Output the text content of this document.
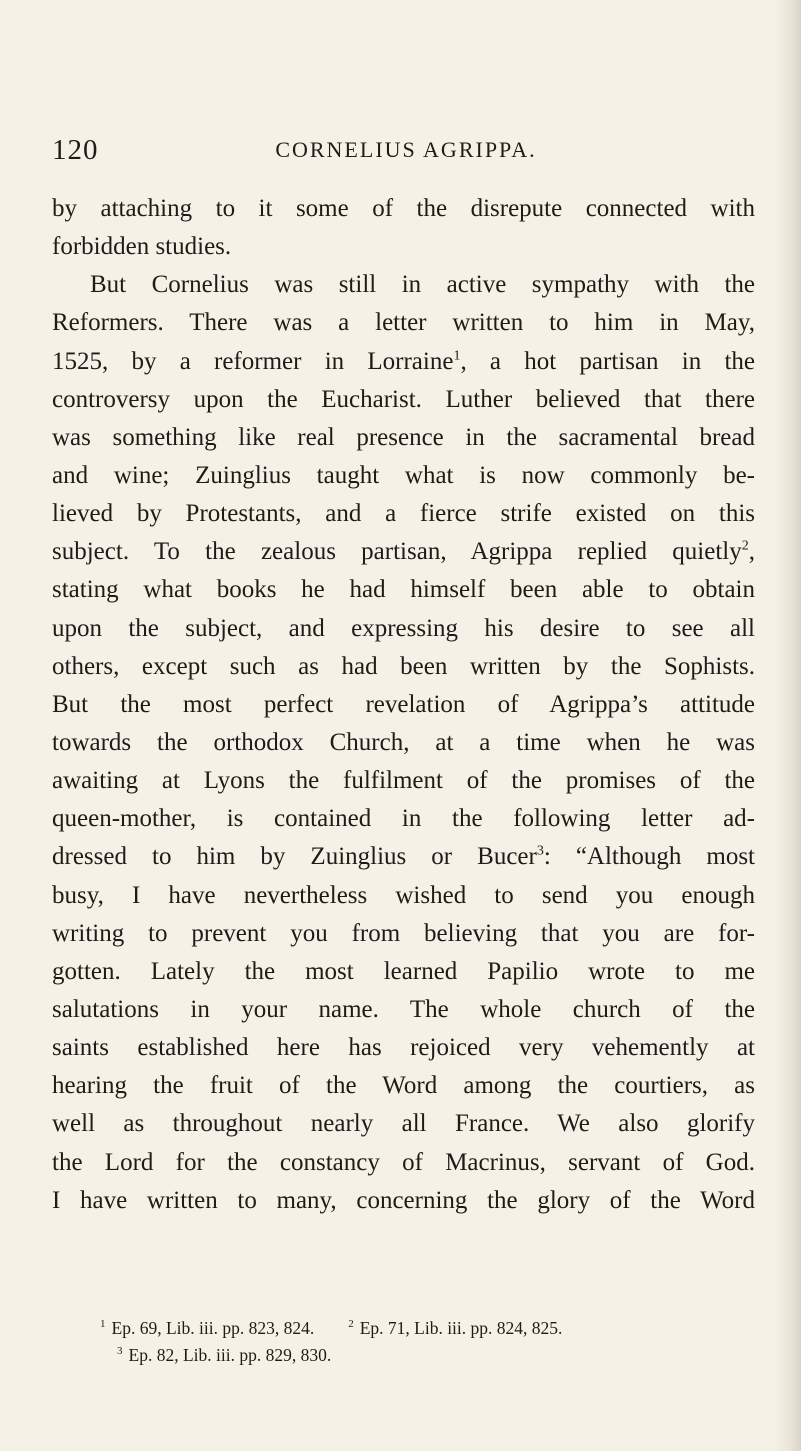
120	CORNELIUS AGRIPPA.
by attaching to it some of the disrepute connected with
forbidden studies.
But Cornelius was still in active sympathy with the
Reformers. There was a letter written to him in May,
1525, by a reformer in Lorraine$^1$, a hot partisan in the
controversy upon the Eucharist. Luther believed that there
was something like real presence in the sacramental bread
and wine; Zuinglius taught what is now commonly be-
lieved by Protestants, and a fierce strife existed on this
subject. To the zealous partisan, Agrippa replied quietly$^2$,
stating what books he had himself been able to obtain
upon the subject, and expressing his desire to see all
others, except such as had been written by the Sophists.
But the most perfect revelation of Agrippa’s attitude
towards the orthodox Church, at a time when he was
awaiting at Lyons the fulfilment of the promises of the
queen-mother, is contained in the following letter ad-
dressed to him by Zuinglius or Bucer$^3$: “Although most
busy, I have nevertheless wished to send you enough
writing to prevent you from believing that you are for-
gotten. Lately the most learned Papilio wrote to me
salutations in your name. The whole church of the
saints established here has rejoiced very vehemently at
hearing the fruit of the Word among the courtiers, as
well as throughout nearly all France. We also glorify
the Lord for the constancy of Macrinus, servant of God.
I have written to many, concerning the glory of the Word
$^1$ Ep. 69, Lib. iii. pp. 823, 824.	$^2$ Ep. 71, Lib. iii. pp. 824, 825.
$^3$ Ep. 82, Lib. iii. pp. 829, 830.
